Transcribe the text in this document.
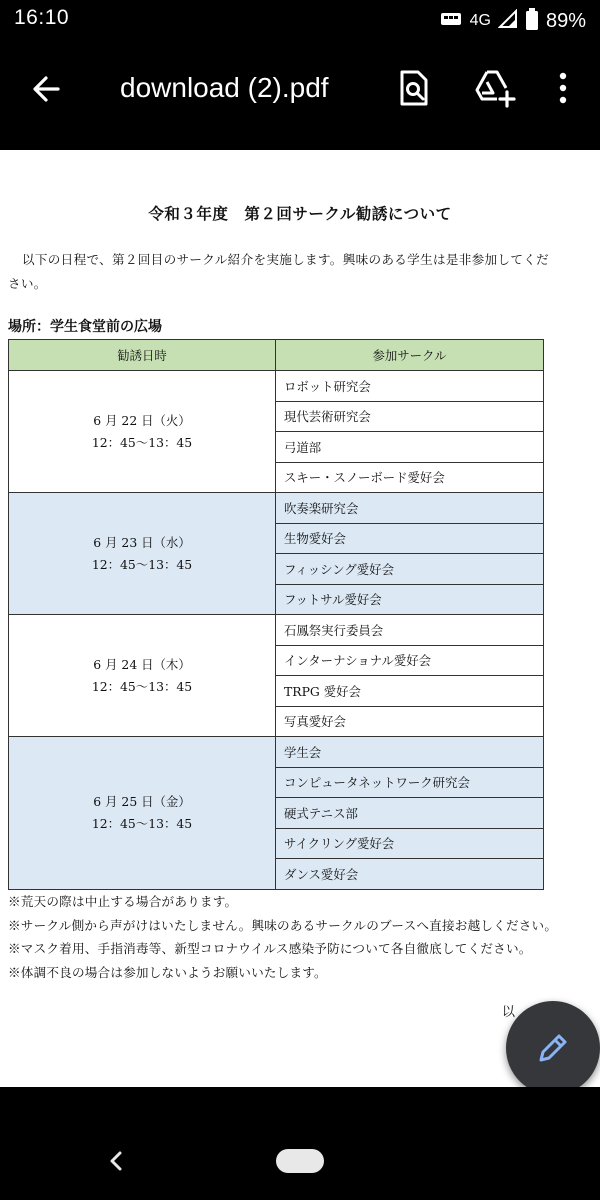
16:10	4G	89%
download (2).pdf
令和３年度　第２回サークル勧誘について
以下の日程で、第２回目のサークル紹介を実施します。興味のある学生は是非参加してください。
場所：学生食堂前の広場
勧誘日時	参加サークル

6 月 22 日（火）
12：45～13：45	ロボット研究会
	現代芸術研究会
	弓道部
	スキー・スノーボード愛好会

6 月 23 日（水）
12：45～13：45	吹奏楽研究会
	生物愛好会
	フィッシング愛好会
	フットサル愛好会

6 月 24 日（木）
12：45～13：45	石鳳祭実行委員会
	インターナショナル愛好会
	TRPG 愛好会
	写真愛好会

6 月 25 日（金）
12：45～13：45	学生会
	コンピュータネットワーク研究会
	硬式テニス部
	サイクリング愛好会
	ダンス愛好会
※荒天の際は中止する場合があります。
※サークル側から声がけはいたしません。興味のあるサークルのブースへ直接お越しください。
※マスク着用、手指消毒等、新型コロナウイルス感染予防について各自徹底してください。
※体調不良の場合は参加しないようお願いいたします。
以
